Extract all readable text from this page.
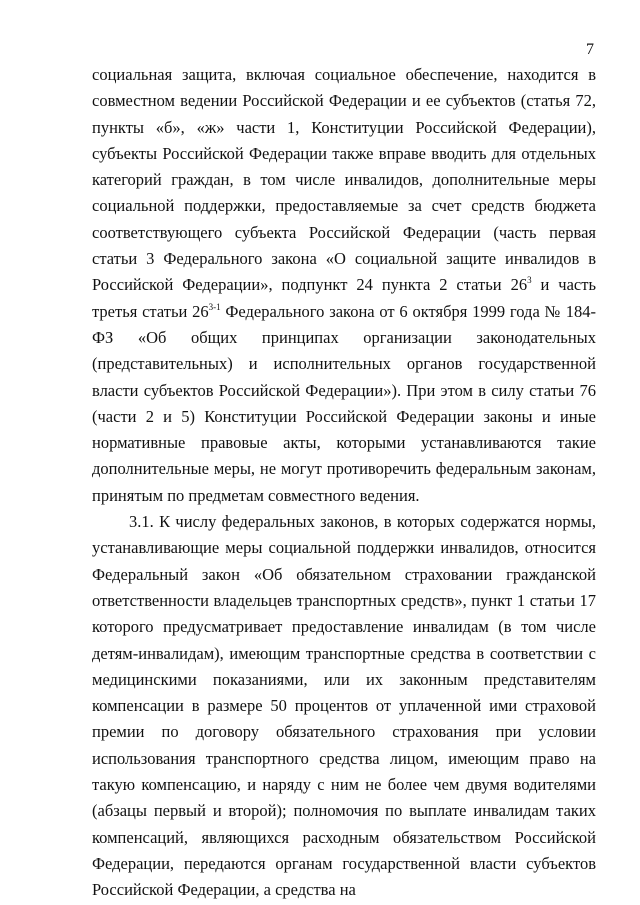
7

социальная защита, включая социальное обеспечение, находится в совместном ведении Российской Федерации и ее субъектов (статья 72, пункты «б», «ж» части 1, Конституции Российской Федерации), субъекты Российской Федерации также вправе вводить для отдельных категорий граждан, в том числе инвалидов, дополнительные меры социальной поддержки, предоставляемые за счет средств бюджета соответствующего субъекта Российской Федерации (часть первая статьи 3 Федерального закона «О социальной защите инвалидов в Российской Федерации», подпункт 24 пункта 2 статьи $26^3$ и часть третья статьи 26$^{3-1}$ Федерального закона от 6 октября 1999 года № 184-ФЗ «Об общих принципах организации законодательных (представительных) и исполнительных органов государственной власти субъектов Российской Федерации»). При этом в силу статьи 76 (части 2 и 5) Конституции Российской Федерации законы и иные нормативные правовые акты, которыми устанавливаются такие дополнительные меры, не могут противоречить федеральным законам, принятым по предметам совместного ведения.

3.1. К числу федеральных законов, в которых содержатся нормы, устанавливающие меры социальной поддержки инвалидов, относится Федеральный закон «Об обязательном страховании гражданской ответственности владельцев транспортных средств», пункт 1 статьи 17 которого предусматривает предоставление инвалидам (в том числе детям-инвалидам), имеющим транспортные средства в соответствии с медицинскими показаниями, или их законным представителям компенсации в размере 50 процентов от уплаченной ими страховой премии по договору обязательного страхования при условии использования транспортного средства лицом, имеющим право на такую компенсацию, и наряду с ним не более чем двумя водителями (абзацы первый и второй); полномочия по выплате инвалидам таких компенсаций, являющихся расходным обязательством Российской Федерации, передаются органам государственной власти субъектов Российской Федерации, а средства на
